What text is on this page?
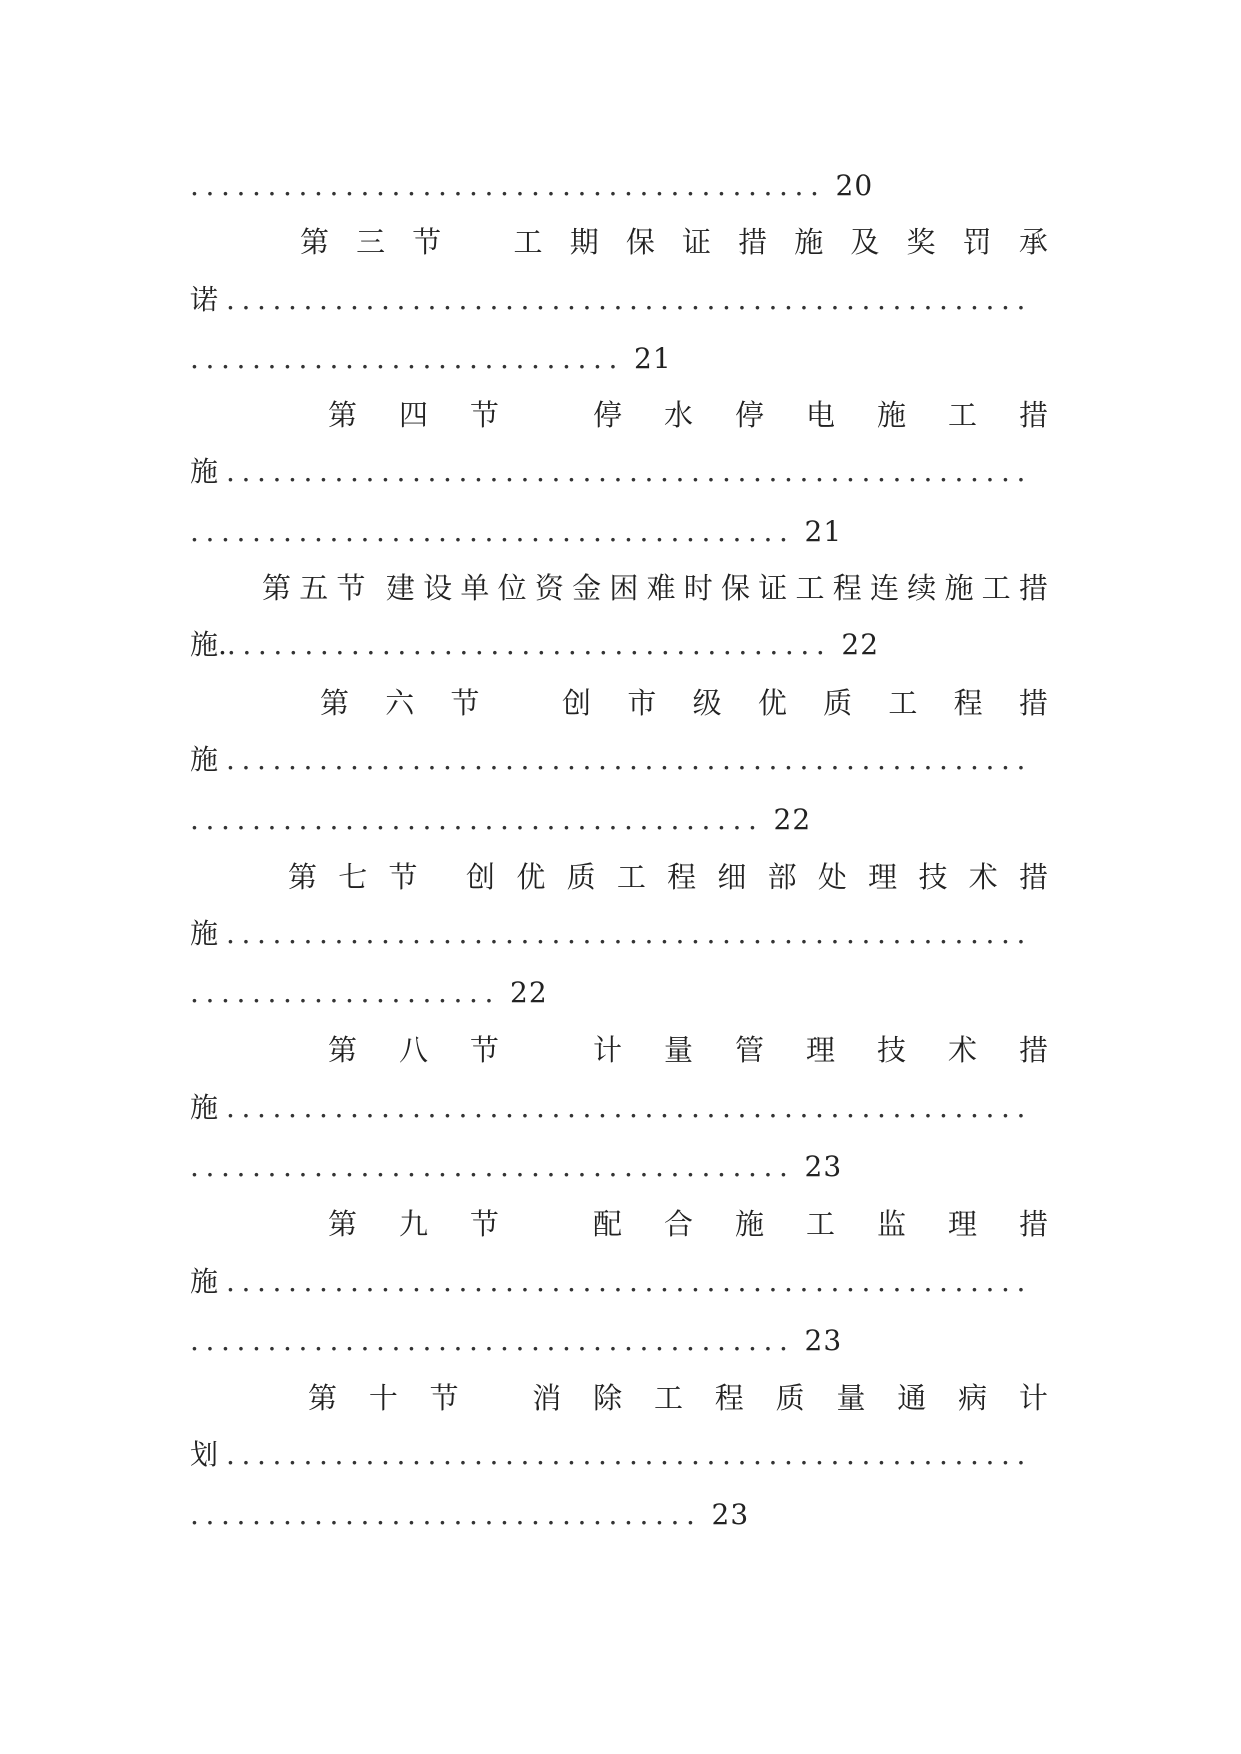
......................................... 20
第 三 节 工 期 保 证 措 施 及 奖 罚 承
诺 ....................................................
............................ 21
第 四 节	停 水 停 电 施 工 措
施 ....................................................
....................................... 21
第 五 节 建 设 单 位 资 金 困 难 时 保 证 工 程 连 续 施 工 措
施........................................ 22
第 六 节	创 市 级 优 质 工 程 措
施 ....................................................
..................................... 22
第 七 节 创 优 质 工 程 细 部 处 理 技 术 措
施 ....................................................
.................... 22
第 八 节	计 量 管 理 技 术 措
施 ....................................................
....................................... 23
第 九 节	配 合 施 工 监 理 措
施 ....................................................
....................................... 23
第 十 节	消 除 工 程 质 量 通 病 计
划 ....................................................
................................. 23
